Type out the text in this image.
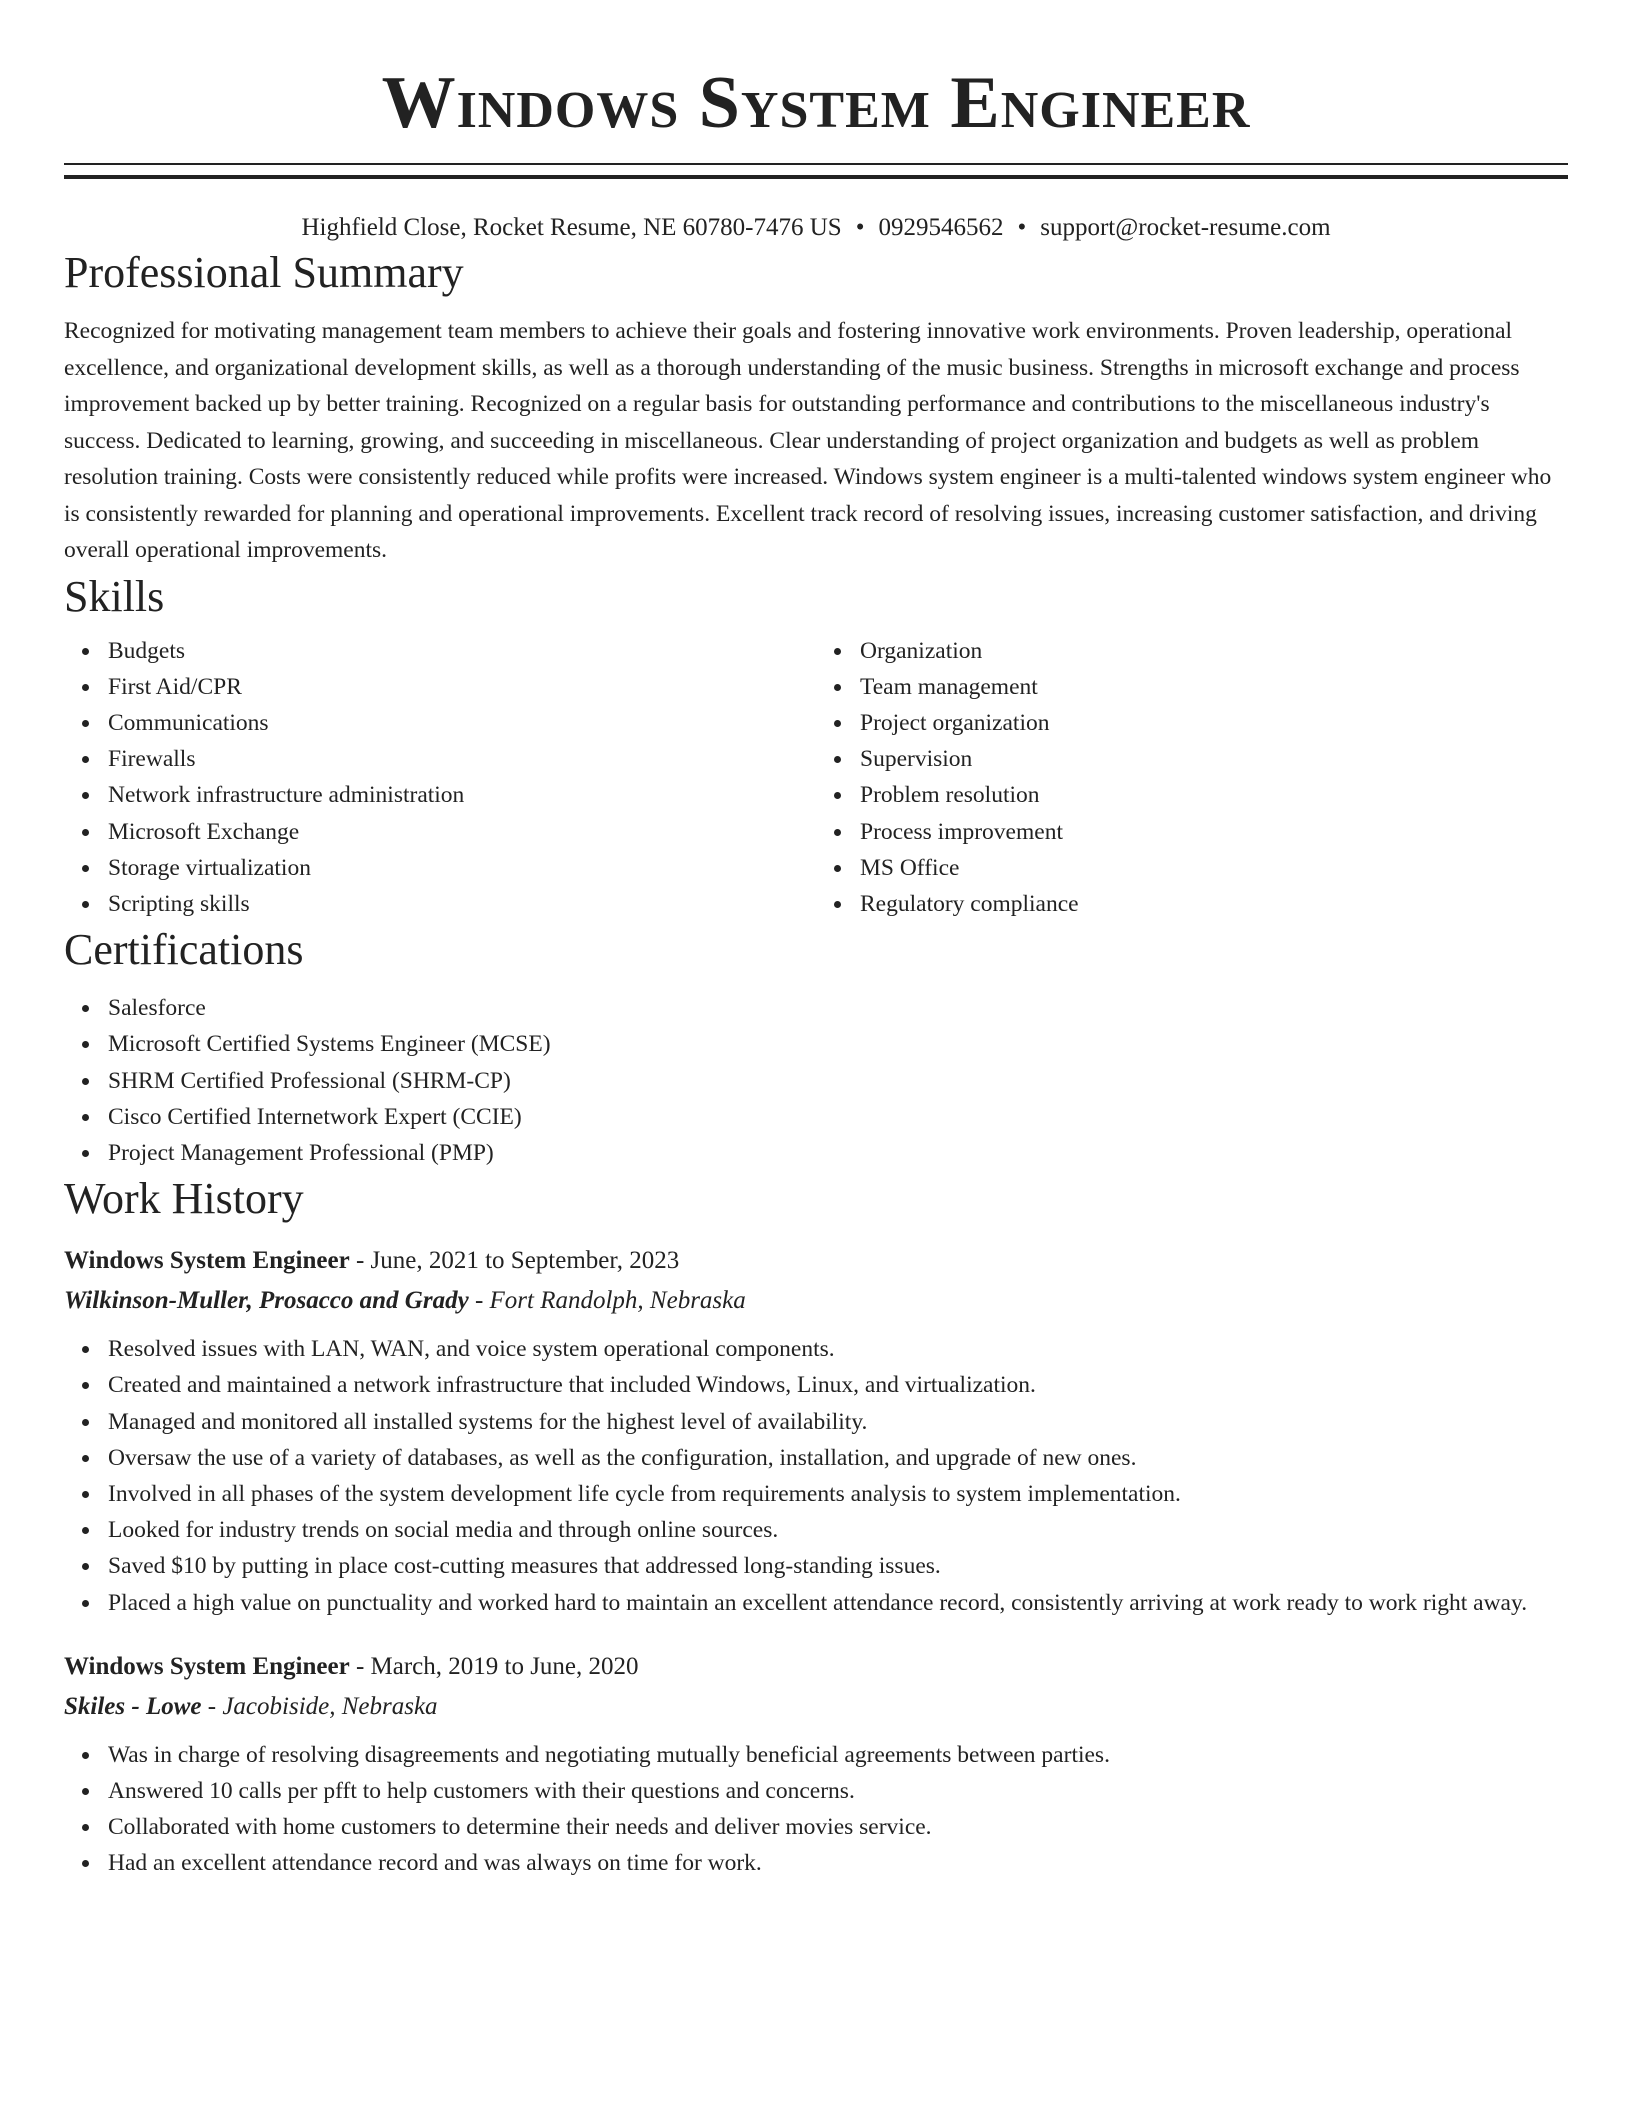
Windows System Engineer
Highfield Close, Rocket Resume, NE 60780-7476 US • 0929546562 • support@rocket-resume.com
Professional Summary

Recognized for motivating management team members to achieve their goals and fostering innovative work environments. Proven leadership, operational excellence, and organizational development skills, as well as a thorough understanding of the music business. Strengths in microsoft exchange and process improvement backed up by better training. Recognized on a regular basis for outstanding performance and contributions to the miscellaneous industry's success. Dedicated to learning, growing, and succeeding in miscellaneous. Clear understanding of project organization and budgets as well as problem resolution training. Costs were consistently reduced while profits were increased. Windows system engineer is a multi-talented windows system engineer who is consistently rewarded for planning and operational improvements. Excellent track record of resolving issues, increasing customer satisfaction, and driving overall operational improvements.

Skills
Budgets
First Aid/CPR
Communications
Firewalls
Network infrastructure administration
Microsoft Exchange
Storage virtualization
Scripting skills
Organization
Team management
Project organization
Supervision
Problem resolution
Process improvement
MS Office
Regulatory compliance
Certifications
Salesforce
Microsoft Certified Systems Engineer (MCSE)
SHRM Certified Professional (SHRM-CP)
Cisco Certified Internetwork Expert (CCIE)
Project Management Professional (PMP)
Work History
Windows System Engineer - June, 2021 to September, 2023
Wilkinson-Muller, Prosacco and Grady - Fort Randolph, Nebraska
Resolved issues with LAN, WAN, and voice system operational components.
Created and maintained a network infrastructure that included Windows, Linux, and virtualization.
Managed and monitored all installed systems for the highest level of availability.
Oversaw the use of a variety of databases, as well as the configuration, installation, and upgrade of new ones.
Involved in all phases of the system development life cycle from requirements analysis to system implementation.
Looked for industry trends on social media and through online sources.
Saved $10 by putting in place cost-cutting measures that addressed long-standing issues.
Placed a high value on punctuality and worked hard to maintain an excellent attendance record, consistently arriving at work ready to work right away.
Windows System Engineer - March, 2019 to June, 2020
Skiles - Lowe - Jacobiside, Nebraska
Was in charge of resolving disagreements and negotiating mutually beneficial agreements between parties.
Answered 10 calls per pfft to help customers with their questions and concerns.
Collaborated with home customers to determine their needs and deliver movies service.
Had an excellent attendance record and was always on time for work.
